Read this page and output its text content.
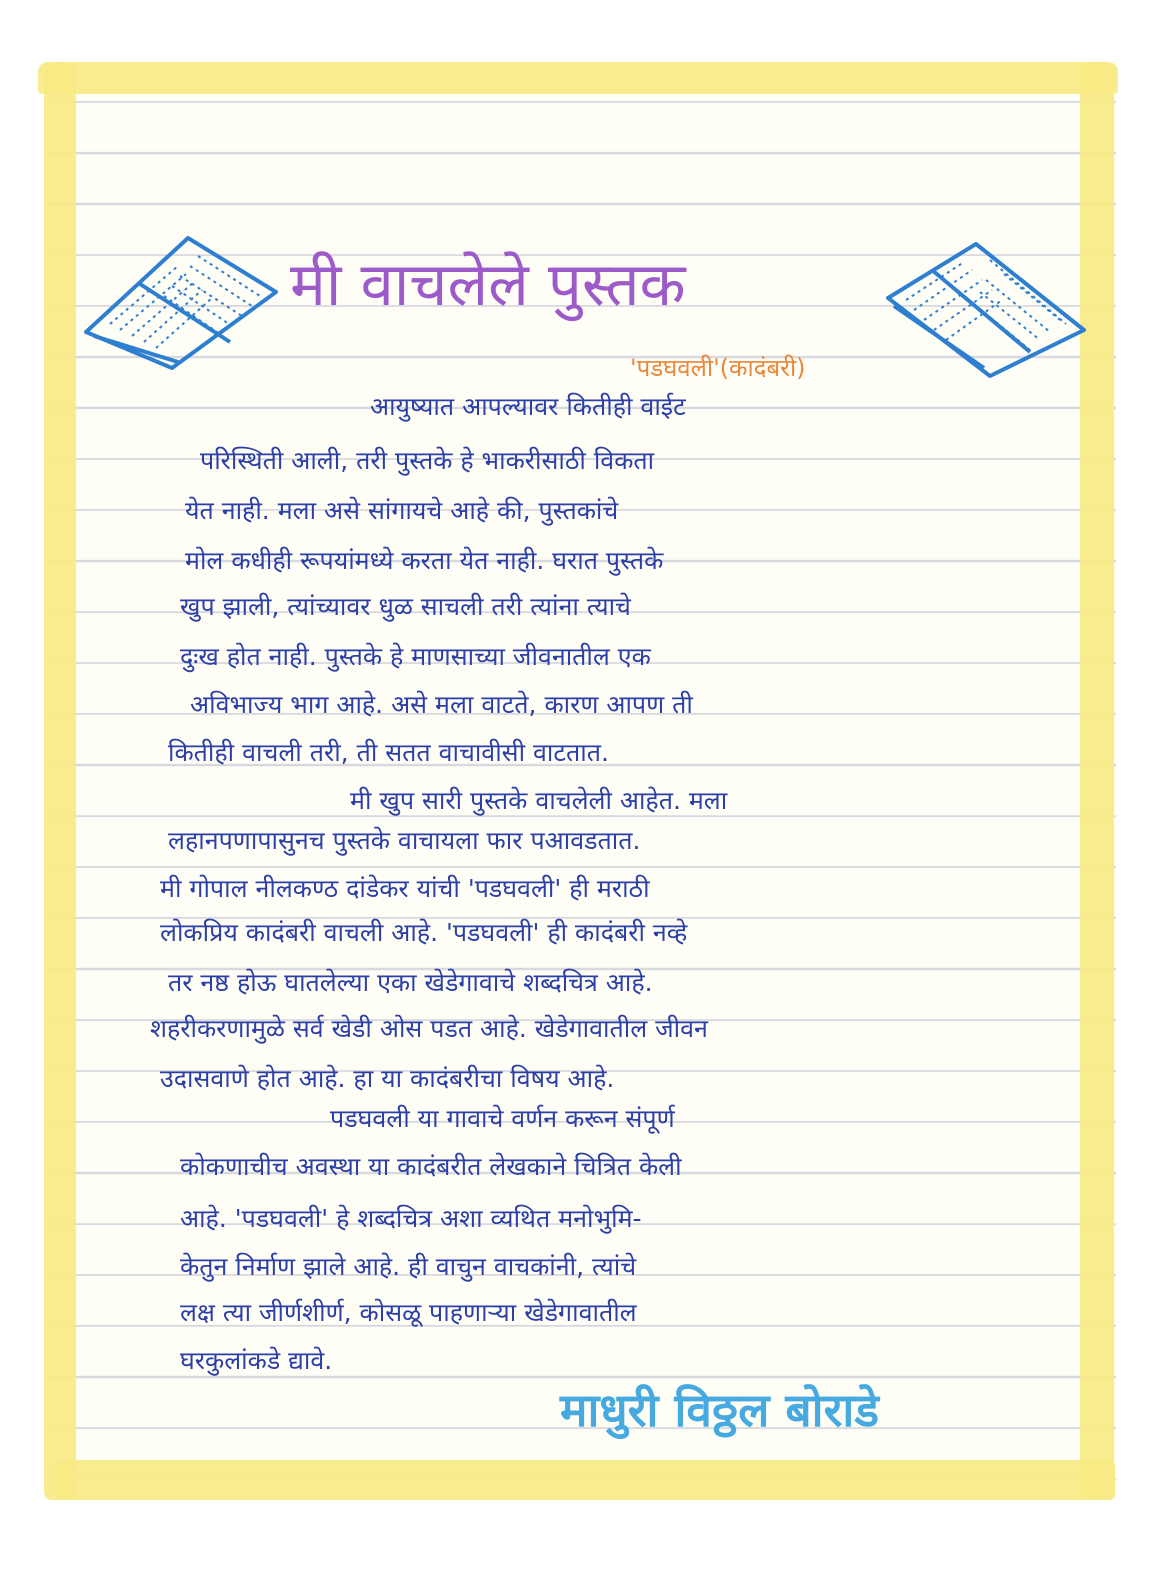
मी वाचलेले पुस्तक
'पडघवली'(कादंबरी)
आयुष्यात आपल्यावर कितीही वाईट
परिस्थिती आली, तरी पुस्तके हे भाकरीसाठी विकता
येत नाही. मला असे सांगायचे आहे की, पुस्तकांचे
मोल कधीही रूपयांमध्ये करता येत नाही. घरात पुस्तके
खुप झाली, त्यांच्यावर धुळ साचली तरी त्यांना त्याचे
दुःख होत नाही. पुस्तके हे माणसाच्या जीवनातील एक
अविभाज्य भाग आहे. असे मला वाटते, कारण आपण ती
कितीही वाचली तरी, ती सतत वाचावीसी वाटतात.
मी खुप सारी पुस्तके वाचलेली आहेत. मला
लहानपणापासुनच पुस्तके वाचायला फार पआवडतात.
मी गोपाल नीलकण्ठ दांडेकर यांची 'पडघवली' ही मराठी
लोकप्रिय कादंबरी वाचली आहे. 'पडघवली' ही कादंबरी नव्हे
तर नष्ठ होऊ घातलेल्या एका खेडेगावाचे शब्दचित्र आहे.
शहरीकरणामुळे सर्व खेडी ओस पडत आहे. खेडेगावातील जीवन
उदासवाणे होत आहे. हा या कादंबरीचा विषय आहे.
पडघवली या गावाचे वर्णन करून संपूर्ण
कोकणाचीच अवस्था या कादंबरीत लेखकाने चित्रित केली
आहे. 'पडघवली' हे शब्दचित्र अशा व्यथित मनोभुमि-
केतुन निर्माण झाले आहे. ही वाचुन वाचकांनी, त्यांचे
लक्ष त्या जीर्णशीर्ण, कोसळू पाहणाऱ्या खेडेगावातील
घरकुलांकडे द्यावे.
माधुरी विठ्ठल बोराडे
